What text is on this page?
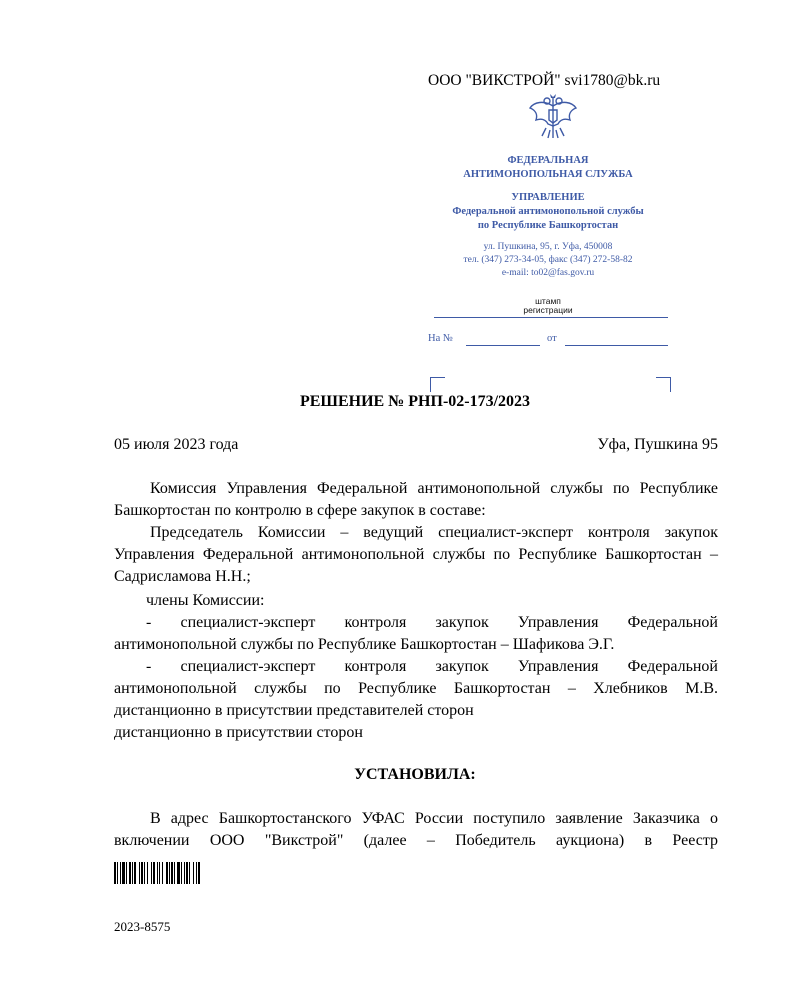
ООО "ВИКСТРОЙ" svi1780@bk.ru
ФЕДЕРАЛЬНАЯ
АНТИМОНОПОЛЬНАЯ СЛУЖБА
УПРАВЛЕНИЕ
Федеральной антимонопольной службы
по Республике Башкортостан
ул. Пушкина, 95, г. Уфа, 450008
тел. (347) 273-34-05, факс (347) 272-58-82
e-mail: to02@fas.gov.ru
штамп
регистрации
На №	от
РЕШЕНИЕ № РНП-02-173/2023
05 июля 2023 года	Уфа, Пушкина 95
Комиссия Управления Федеральной антимонопольной службы по Республике
Башкортостан по контролю в сфере закупок в составе:
Председатель Комиссии – ведущий специалист-эксперт контроля закупок
Управления Федеральной антимонопольной службы по Республике Башкортостан –
Садрисламова Н.Н.;
члены Комиссии:
- специалист-эксперт контроля закупок Управления Федеральной
антимонопольной службы по Республике Башкортостан – Шафикова Э.Г.
- специалист-эксперт контроля закупок Управления Федеральной
антимонопольной службы по Республике Башкортостан – Хлебников М.В.
дистанционно в присутствии представителей сторон
дистанционно в присутствии сторон
УСТАНОВИЛА:
В адрес Башкортостанского УФАС России поступило заявление Заказчика о
включении ООО "Викстрой" (далее – Победитель аукциона) в Реестр
2023-8575
